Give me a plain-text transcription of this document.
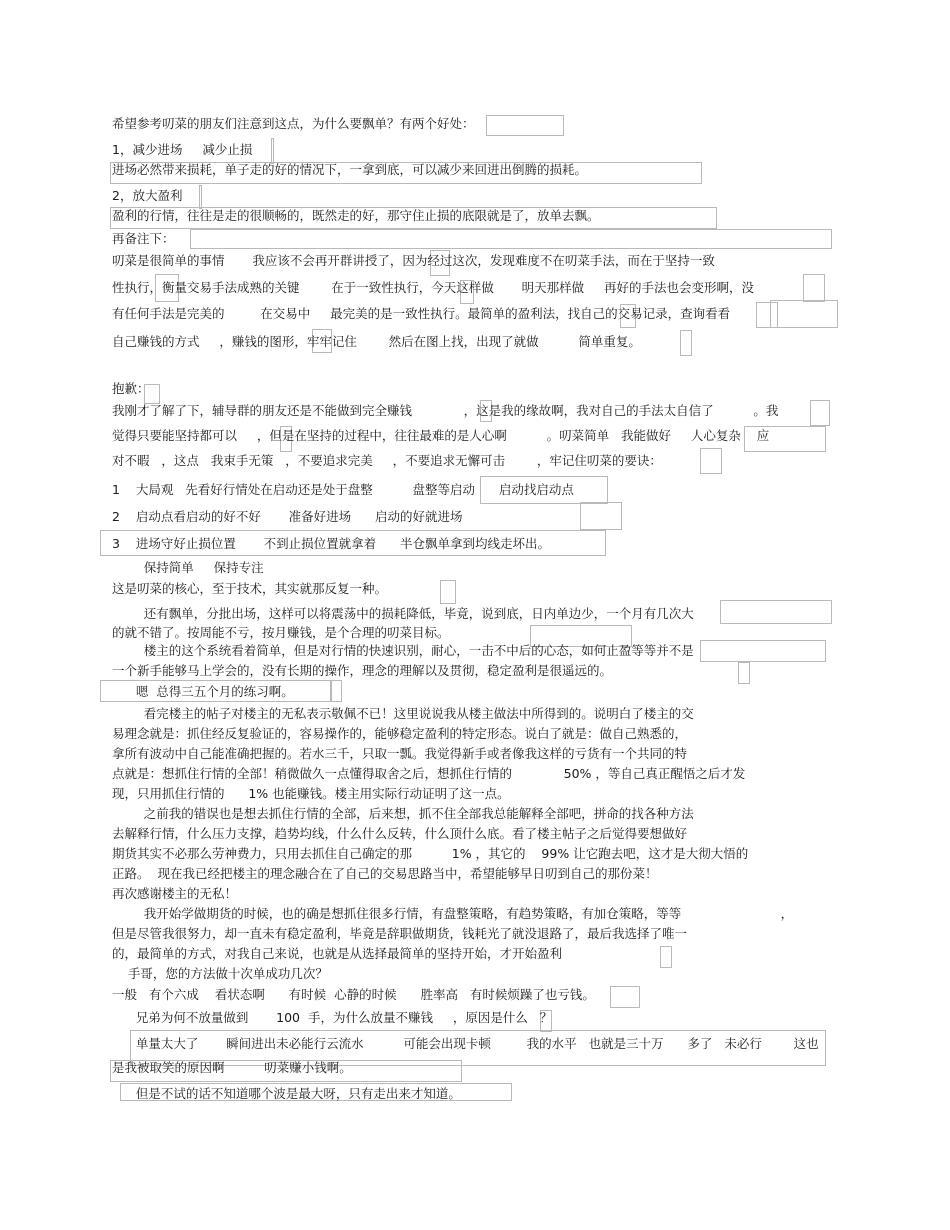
希望参考叨菜的朋友们注意到这点，为什么要飘单？有两个好处：
1，减少进场     减少止损
进场必然带来损耗，单子走的好的情况下，一拿到底，可以减少来回进出倒腾的损耗。
2，放大盈利
盈利的行情，往往是走的很顺畅的，既然走的好，那守住止损的底限就是了，放单去飘。
再备注下：
叨菜是很简单的事情       我应该不会再开群讲授了，因为经过这次，发现难度不在叨菜手法，而在于坚持一致
性执行，衡量交易手法成熟的关键        在于一致性执行，今天这样做       明天那样做     再好的手法也会变形啊，没
有任何手法是完美的         在交易中     最完美的是一致性执行。最简单的盈利法，找自己的交易记录，查询看看
自己赚钱的方式     ，赚钱的图形，牢牢记住        然后在图上找，出现了就做          简单重复。
抱歉：
我刚才了解了下，辅导群的朋友还是不能做到完全赚钱             ，这是我的缘故啊，我对自己的手法太自信了          。我
觉得只要能坚持都可以     ，但是在坚持的过程中，往往最难的是人心啊          。叨菜简单   我能做好     人心复杂    应
对不暇   ，这点   我束手无策   ，不要追求完美     ，不要追求无懈可击        ，牢记住叨菜的要诀：
1    大局观   先看好行情处在启动还是处于盘整          盘整等启动      启动找启动点
2    启动点看启动的好不好       准备好进场      启动的好就进场
3    进场守好止损位置       不到止损位置就拿着      半仓飘单拿到均线走坏出。
保持简单     保持专注
这是叨菜的核心，至于技术，其实就那反复一种。
还有飘单，分批出场，这样可以将震荡中的损耗降低，毕竟，说到底，日内单边少，一个月有几次大
的就不错了。按周能不亏，按月赚钱，是个合理的叨菜目标。
楼主的这个系统看着简单，但是对行情的快速识别，耐心，一击不中后的心态，如何止盈等等并不是
一个新手能够马上学会的，没有长期的操作，理念的理解以及贯彻，稳定盈利是很遥远的。
嗯  总得三五个月的练习啊。
看完楼主的帖子对楼主的无私表示敬佩不已！这里说说我从楼主做法中所得到的。说明白了楼主的交
易理念就是：抓住经反复验证的，容易操作的，能够稳定盈利的特定形态。说白了就是：做自己熟悉的，
拿所有波动中自己能准确把握的。若水三千，只取一瓢。我觉得新手或者像我这样的亏货有一个共同的特
点就是：想抓住行情的全部！稍微做久一点懂得取舍之后，想抓住行情的             50% ，等自己真正醒悟之后才发
现，只用抓住行情的      1% 也能赚钱。楼主用实际行动证明了这一点。
之前我的错误也是想去抓住行情的全部，后来想，抓不住全部我总能解释全部吧，拼命的找各种方法
去解释行情，什么压力支撑，趋势均线，什么什么反转，什么顶什么底。看了楼主帖子之后觉得要想做好
期货其实不必那么劳神费力，只用去抓住自己确定的那          1% ，其它的    99% 让它跑去吧，这才是大彻大悟的
正路。  现在我已经把楼主的理念融合在了自己的交易思路当中，希望能够早日叨到自己的那份菜！
再次感谢楼主的无私！
我开始学做期货的时候，也的确是想抓住很多行情，有盘整策略，有趋势策略，有加仓策略，等等                         ，
但是尽管我很努力，却一直未有稳定盈利，毕竟是辞职做期货，钱耗光了就没退路了，最后我选择了唯一
的，最简单的方式，对我自己来说，也就是从选择最简单的坚持开始，才开始盈利
手哥，您的方法做十次单成功几次？
一般   有个六成    看状态啊      有时候  心静的时候      胜率高   有时候烦躁了也亏钱。
兄弟为何不放量做到       100  手，为什么放量不赚钱     ，原因是什么   ？
单量太大了       瞬间进出未必能行云流水          可能会出现卡顿         我的水平   也就是三十万      多了   未必行        这也
是我被取笑的原因啊          叨菜赚小钱啊。
但是不试的话不知道哪个波是最大呀，只有走出来才知道。
